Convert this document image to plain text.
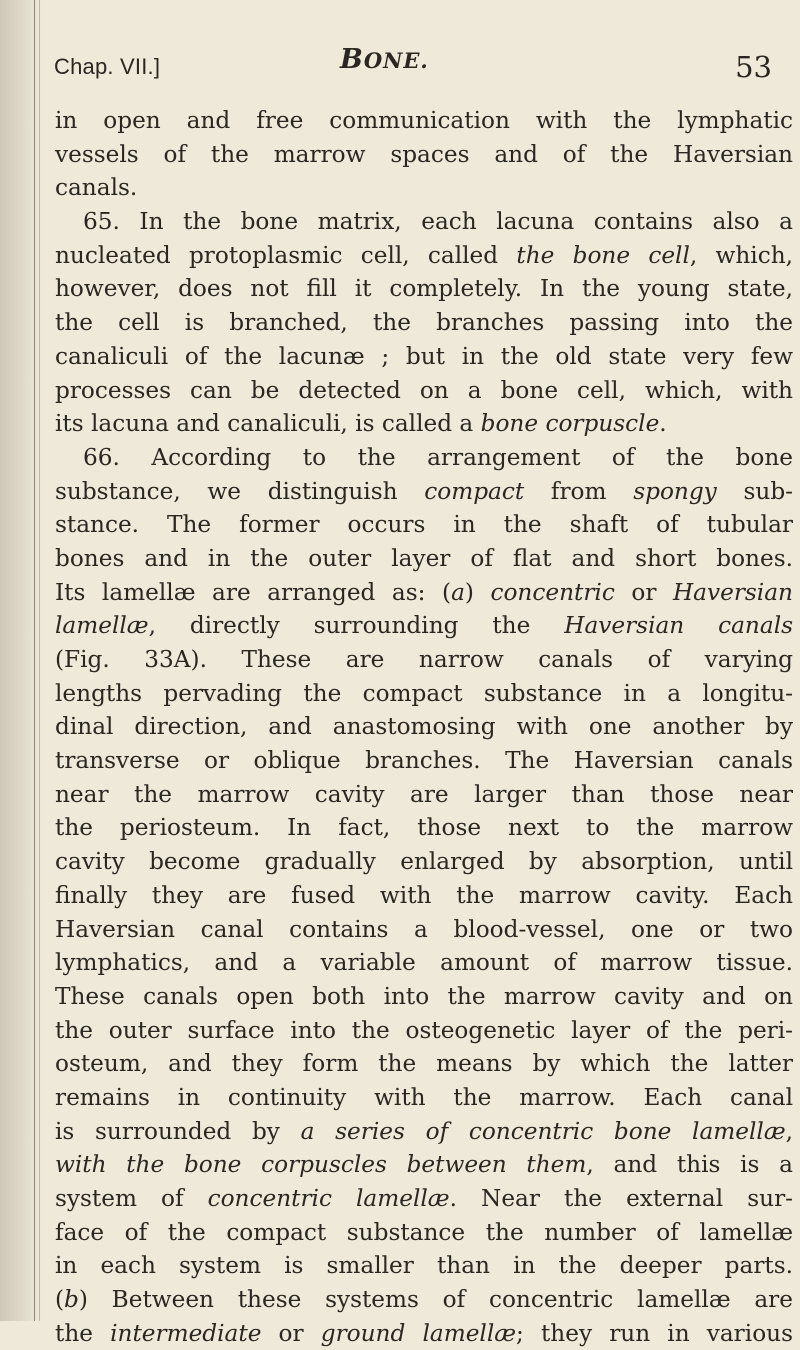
Chap. VII.]	BONE.	53
in open and free communication with the lymphatic
vessels of the marrow spaces and of the Haversian
canals.
65. In the bone matrix, each lacuna contains also a
nucleated protoplasmic cell, called the bone cell, which,
however, does not fill it completely. In the young state,
the cell is branched, the branches passing into the
canaliculi of the lacunæ ; but in the old state very few
processes can be detected on a bone cell, which, with
its lacuna and canaliculi, is called a bone corpuscle.
66. According to the arrangement of the bone
substance, we distinguish compact from spongy sub-
stance. The former occurs in the shaft of tubular
bones and in the outer layer of flat and short bones.
Its lamellæ are arranged as: (a) concentric or Haversian
lamellæ, directly surrounding the Haversian canals
(Fig. 33A). These are narrow canals of varying
lengths pervading the compact substance in a longitu-
dinal direction, and anastomosing with one another by
transverse or oblique branches. The Haversian canals
near the marrow cavity are larger than those near
the periosteum. In fact, those next to the marrow
cavity become gradually enlarged by absorption, until
finally they are fused with the marrow cavity. Each
Haversian canal contains a blood-vessel, one or two
lymphatics, and a variable amount of marrow tissue.
These canals open both into the marrow cavity and on
the outer surface into the osteogenetic layer of the peri-
osteum, and they form the means by which the latter
remains in continuity with the marrow. Each canal
is surrounded by a series of concentric bone lamellæ,
with the bone corpuscles between them, and this is a
system of concentric lamellæ. Near the external sur-
face of the compact substance the number of lamellæ
in each system is smaller than in the deeper parts.
(b) Between these systems of concentric lamellæ are
the intermediate or ground lamellæ; they run in various
